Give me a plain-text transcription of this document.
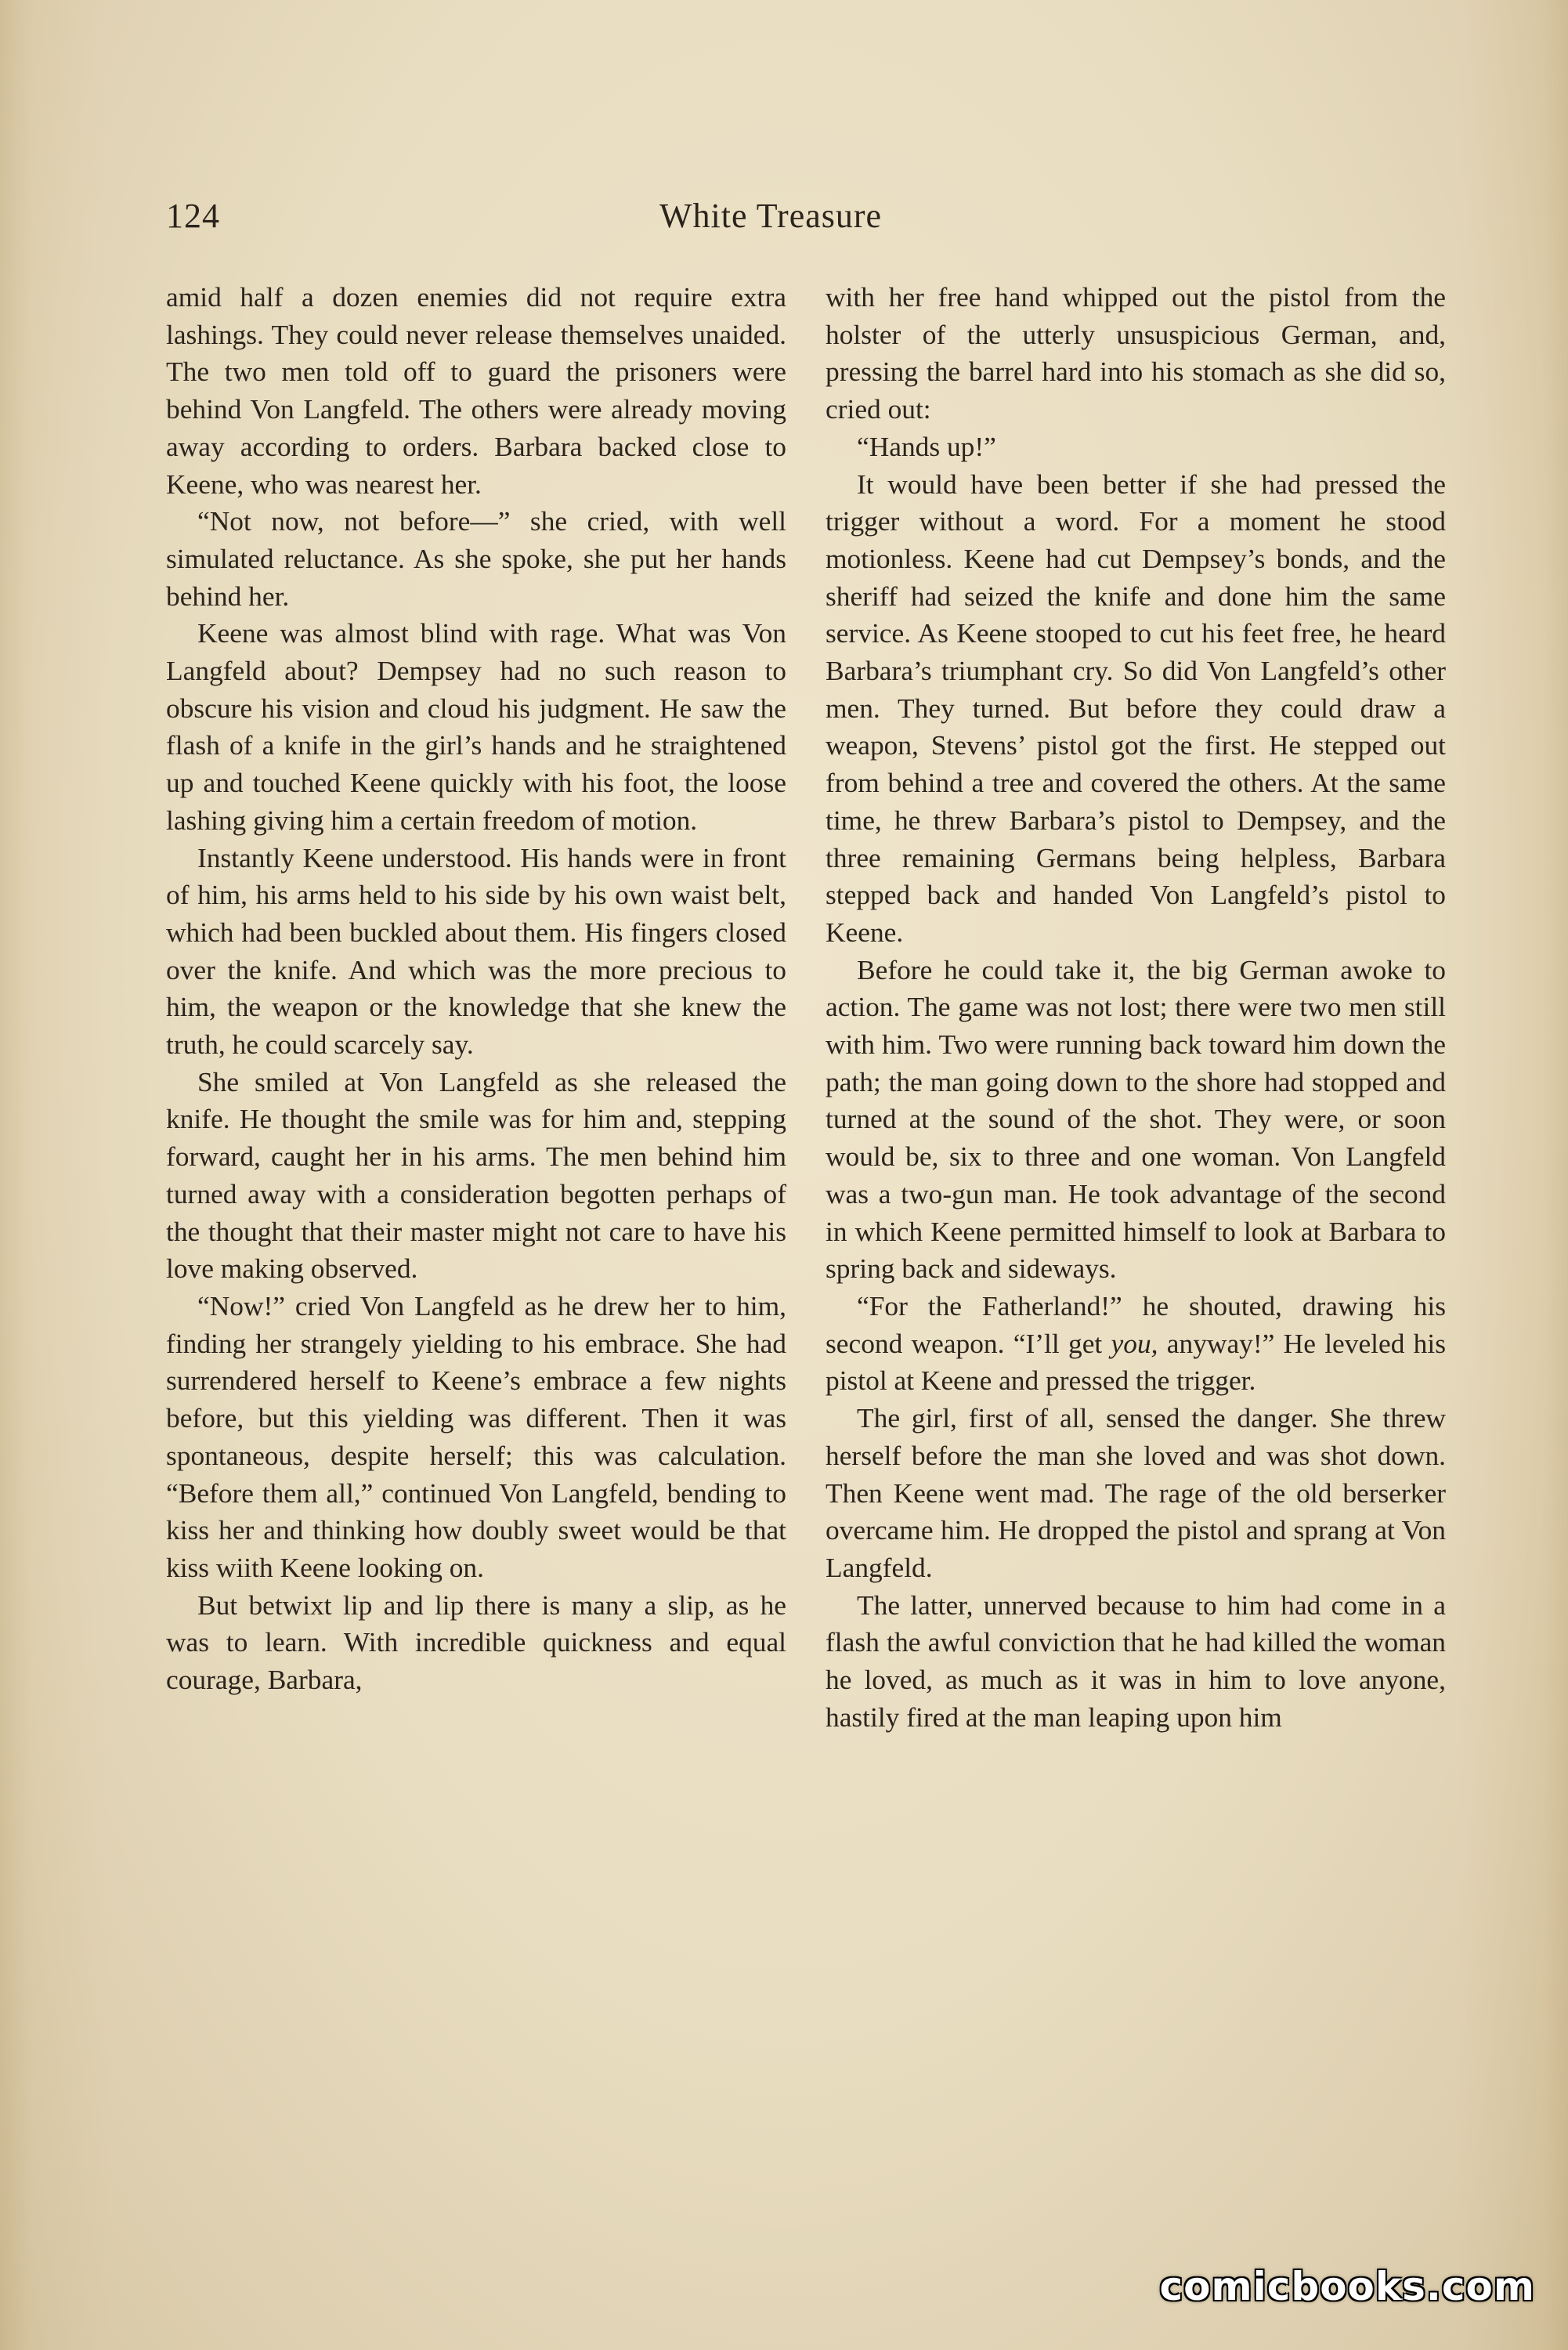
124	White Treasure

amid half a dozen enemies did not require extra lashings. They could never release themselves unaided. The two men told off to guard the prisoners were behind Von Langfeld. The others were already moving away according to orders. Barbara backed close to Keene, who was nearest her.

“Not now, not before—” she cried, with well simulated reluctance. As she spoke, she put her hands behind her.

Keene was almost blind with rage. What was Von Langfeld about? Dempsey had no such reason to obscure his vision and cloud his judgment. He saw the flash of a knife in the girl’s hands and he straightened up and touched Keene quickly with his foot, the loose lashing giving him a certain freedom of motion.

Instantly Keene understood. His hands were in front of him, his arms held to his side by his own waist belt, which had been buckled about them. His fingers closed over the knife. And which was the more precious to him, the weapon or the knowledge that she knew the truth, he could scarcely say.

She smiled at Von Langfeld as she released the knife. He thought the smile was for him and, stepping forward, caught her in his arms. The men behind him turned away with a consideration begotten perhaps of the thought that their master might not care to have his love making observed.

“Now!” cried Von Langfeld as he drew her to him, finding her strangely yielding to his embrace. She had surrendered herself to Keene’s embrace a few nights before, but this yielding was different. Then it was spontaneous, despite herself; this was calculation. “Before them all,” continued Von Langfeld, bending to kiss her and thinking how doubly sweet would be that kiss wiith Keene looking on.

But betwixt lip and lip there is many a slip, as he was to learn. With incredible quickness and equal courage, Barbara,

with her free hand whipped out the pistol from the holster of the utterly unsuspicious German, and, pressing the barrel hard into his stomach as she did so, cried out:

“Hands up!”

It would have been better if she had pressed the trigger without a word. For a moment he stood motionless. Keene had cut Dempsey’s bonds, and the sheriff had seized the knife and done him the same service. As Keene stooped to cut his feet free, he heard Barbara’s triumphant cry. So did Von Langfeld’s other men. They turned. But before they could draw a weapon, Stevens’ pistol got the first. He stepped out from behind a tree and covered the others. At the same time, he threw Barbara’s pistol to Dempsey, and the three remaining Germans being helpless, Barbara stepped back and handed Von Langfeld’s pistol to Keene.

Before he could take it, the big German awoke to action. The game was not lost; there were two men still with him. Two were running back toward him down the path; the man going down to the shore had stopped and turned at the sound of the shot. They were, or soon would be, six to three and one woman. Von Langfeld was a two-gun man. He took advantage of the second in which Keene permitted himself to look at Barbara to spring back and sideways.

“For the Fatherland!” he shouted, drawing his second weapon. “I’ll get you, anyway!” He leveled his pistol at Keene and pressed the trigger.

The girl, first of all, sensed the danger. She threw herself before the man she loved and was shot down. Then Keene went mad. The rage of the old berserker overcame him. He dropped the pistol and sprang at Von Langfeld.

The latter, unnerved because to him had come in a flash the awful conviction that he had killed the woman he loved, as much as it was in him to love anyone, hastily fired at the man leaping upon him

comicbooks.com
